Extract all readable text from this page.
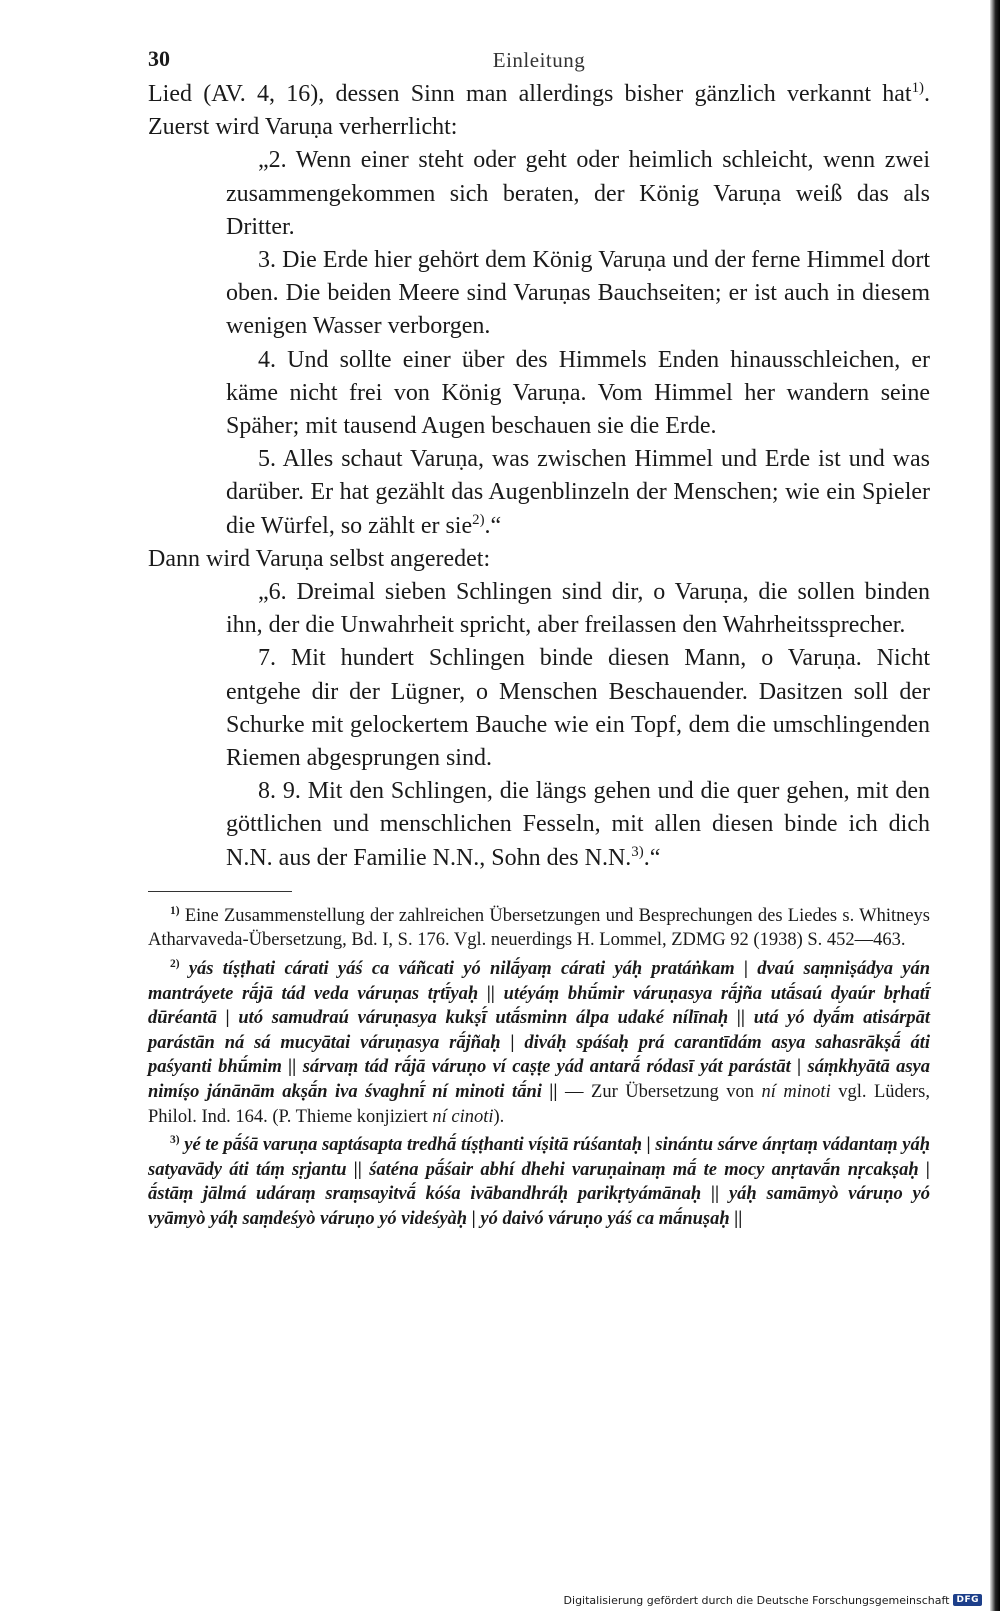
30	Einleitung

Lied (AV. 4, 16), dessen Sinn man allerdings bisher gänzlich verkannt hat$^{1)}$. Zuerst wird Varuṇa verherrlicht:

„2. Wenn einer steht oder geht oder heimlich schleicht, wenn zwei zusammengekommen sich beraten, der König Varuṇa weiß das als Dritter.

3. Die Erde hier gehört dem König Varuṇa und der ferne Himmel dort oben. Die beiden Meere sind Varuṇas Bauchseiten; er ist auch in diesem wenigen Wasser verborgen.

4. Und sollte einer über des Himmels Enden hinausschleichen, er käme nicht frei von König Varuṇa. Vom Himmel her wandern seine Späher; mit tausend Augen beschauen sie die Erde.

5. Alles schaut Varuṇa, was zwischen Himmel und Erde ist und was darüber. Er hat gezählt das Augenblinzeln der Menschen; wie ein Spieler die Würfel, so zählt er sie$^{2)}$.“

Dann wird Varuṇa selbst angeredet:

„6. Dreimal sieben Schlingen sind dir, o Varuṇa, die sollen binden ihn, der die Unwahrheit spricht, aber freilassen den Wahrheitssprecher.

7. Mit hundert Schlingen binde diesen Mann, o Varuṇa. Nicht entgehe dir der Lügner, o Menschen Beschauender. Dasitzen soll der Schurke mit gelockertem Bauche wie ein Topf, dem die umschlingenden Riemen abgesprungen sind.

8. 9. Mit den Schlingen, die längs gehen und die quer gehen, mit den göttlichen und menschlichen Fesseln, mit allen diesen binde ich dich N.N. aus der Familie N.N., Sohn des N.N.$^{3)}$.“

$^{1)}$ Eine Zusammenstellung der zahlreichen Übersetzungen und Besprechungen des Liedes s. Whitneys Atharvaveda-Übersetzung, Bd. I, S. 176. Vgl. neuerdings H. Lommel, ZDMG 92 (1938) S. 452—463.

$^{2)}$ yás tíṣṭhati cárati yáś ca váñcati yó nilā́yaṃ cárati yáḥ pratáṅkam | dvaú saṃniṣádya yán mantráyete rā́jā tád veda váruṇas tṛtī́yaḥ || utéyáṃ bhū́mir váruṇasya rā́jña utā́saú dyaúr bṛhatī́ dūréantā | utó samudraú váruṇasya kukṣī́ utā́sminn álpa udaké nílīnaḥ || utá yó dyā́m atisárpāt parástān ná sá mucyātai váruṇasya rā́jñaḥ | diváḥ spáśaḥ prá carantīdám asya sahasrākṣā́ áti paśyanti bhū́mim || sárvaṃ tád rā́jā váruṇo ví caṣṭe yád antarā́ ródasī yát parástāt | sáṃkhyātā asya nimíṣo jánānām akṣā́n iva śvaghnī́ ní minoti tā́ni || — Zur Übersetzung von ní minoti vgl. Lüders, Philol. Ind. 164. (P. Thieme konjiziert ní cinoti).

$^{3)}$ yé te pā́śā varuṇa saptásapta tredhā́ tíṣṭhanti víṣitā rúśantaḥ | sinántu sárve ánṛtaṃ vádantaṃ yáḥ satyavādy áti táṃ sṛjantu || śaténa pā́śair abhí dhehi varuṇainaṃ mā́ te mocy anṛtavā́n nṛcakṣaḥ | ā́stāṃ jālmá udáraṃ sraṃsayitvā́ kóśa ivābandhráḥ parikṛtyámānaḥ || yáḥ samāmyò váruṇo yó vyāmyò yáḥ saṃdeśyò váruṇo yó videśyàḥ | yó daivó váruṇo yáś ca mā́nuṣaḥ ||

Digitalisierung gefördert durch die Deutsche Forschungsgemeinschaft DFG
